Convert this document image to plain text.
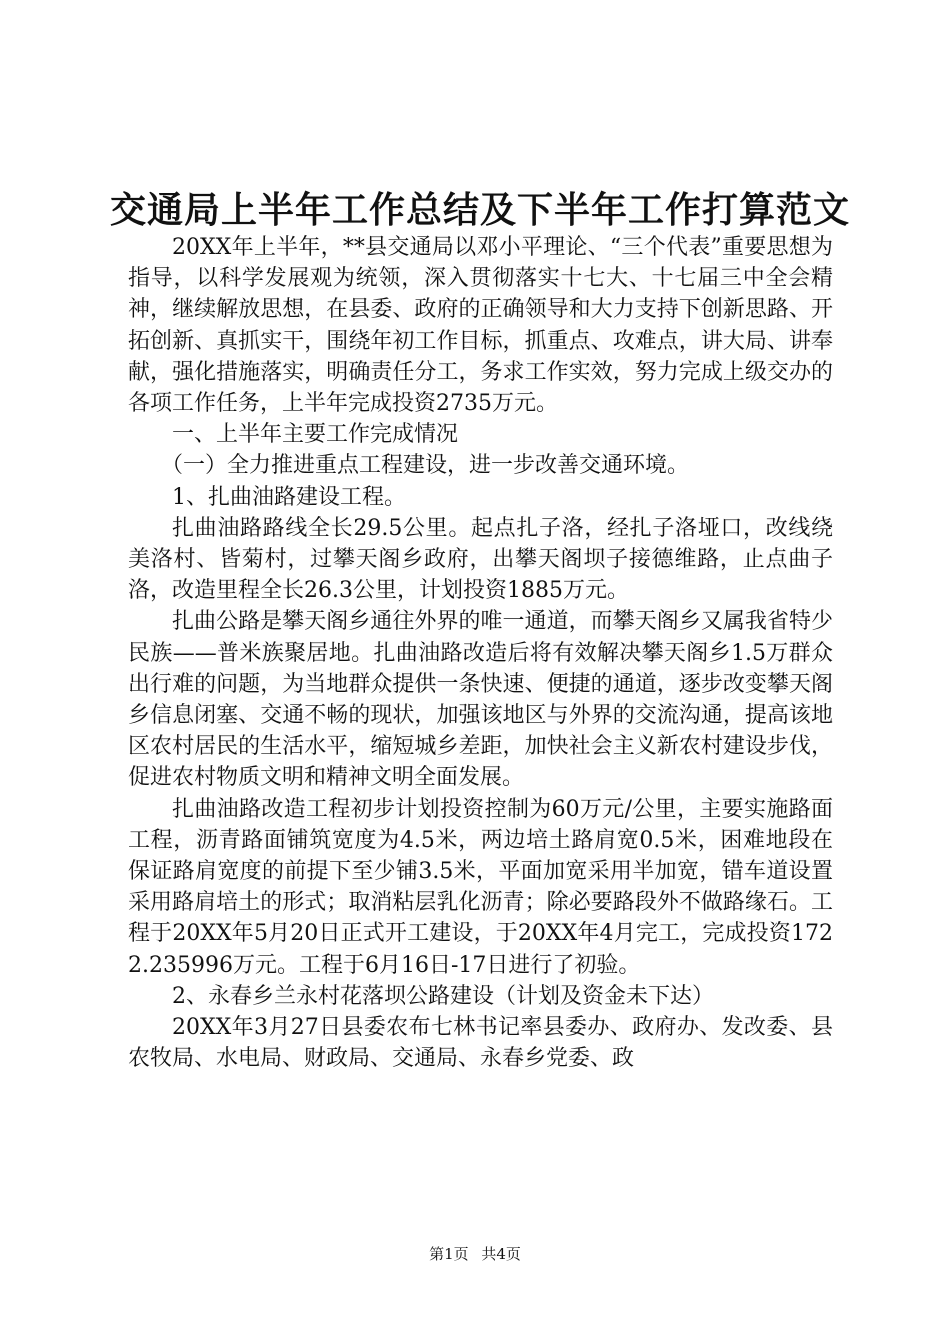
交通局上半年工作总结及下半年工作打算范文

20XX年上半年，**县交通局以邓小平理论、“三个代表”重要思想为指导，以科学发展观为统领，深入贯彻落实十七大、十七届三中全会精神，继续解放思想，在县委、政府的正确领导和大力支持下创新思路、开拓创新、真抓实干，围绕年初工作目标，抓重点、攻难点，讲大局、讲奉献，强化措施落实，明确责任分工，务求工作实效，努力完成上级交办的各项工作任务，上半年完成投资2735万元。

一、上半年主要工作完成情况

（一）全力推进重点工程建设，进一步改善交通环境。

1、扎曲油路建设工程。

扎曲油路路线全长29.5公里。起点扎子洛，经扎子洛垭口，改线绕美洛村、皆菊村，过攀天阁乡政府，出攀天阁坝子接德维路，止点曲子洛，改造里程全长26.3公里，计划投资1885万元。

扎曲公路是攀天阁乡通往外界的唯一通道，而攀天阁乡又属我省特少民族——普米族聚居地。扎曲油路改造后将有效解决攀天阁乡1.5万群众出行难的问题，为当地群众提供一条快速、便捷的通道，逐步改变攀天阁乡信息闭塞、交通不畅的现状，加强该地区与外界的交流沟通，提高该地区农村居民的生活水平，缩短城乡差距，加快社会主义新农村建设步伐，促进农村物质文明和精神文明全面发展。

扎曲油路改造工程初步计划投资控制为60万元/公里，主要实施路面工程，沥青路面铺筑宽度为4.5米，两边培土路肩宽0.5米，困难地段在保证路肩宽度的前提下至少铺3.5米，平面加宽采用半加宽，错车道设置采用路肩培土的形式；取消粘层乳化沥青；除必要路段外不做路缘石。工程于20XX年5月20日正式开工建设，于20XX年4月完工，完成投资1722.235996万元。工程于6月16日-17日进行了初验。

2、永春乡兰永村花落坝公路建设（计划及资金未下达）

20XX年3月27日县委农布七林书记率县委办、政府办、发改委、县农牧局、水电局、财政局、交通局、永春乡党委、政

第1页 共4页
